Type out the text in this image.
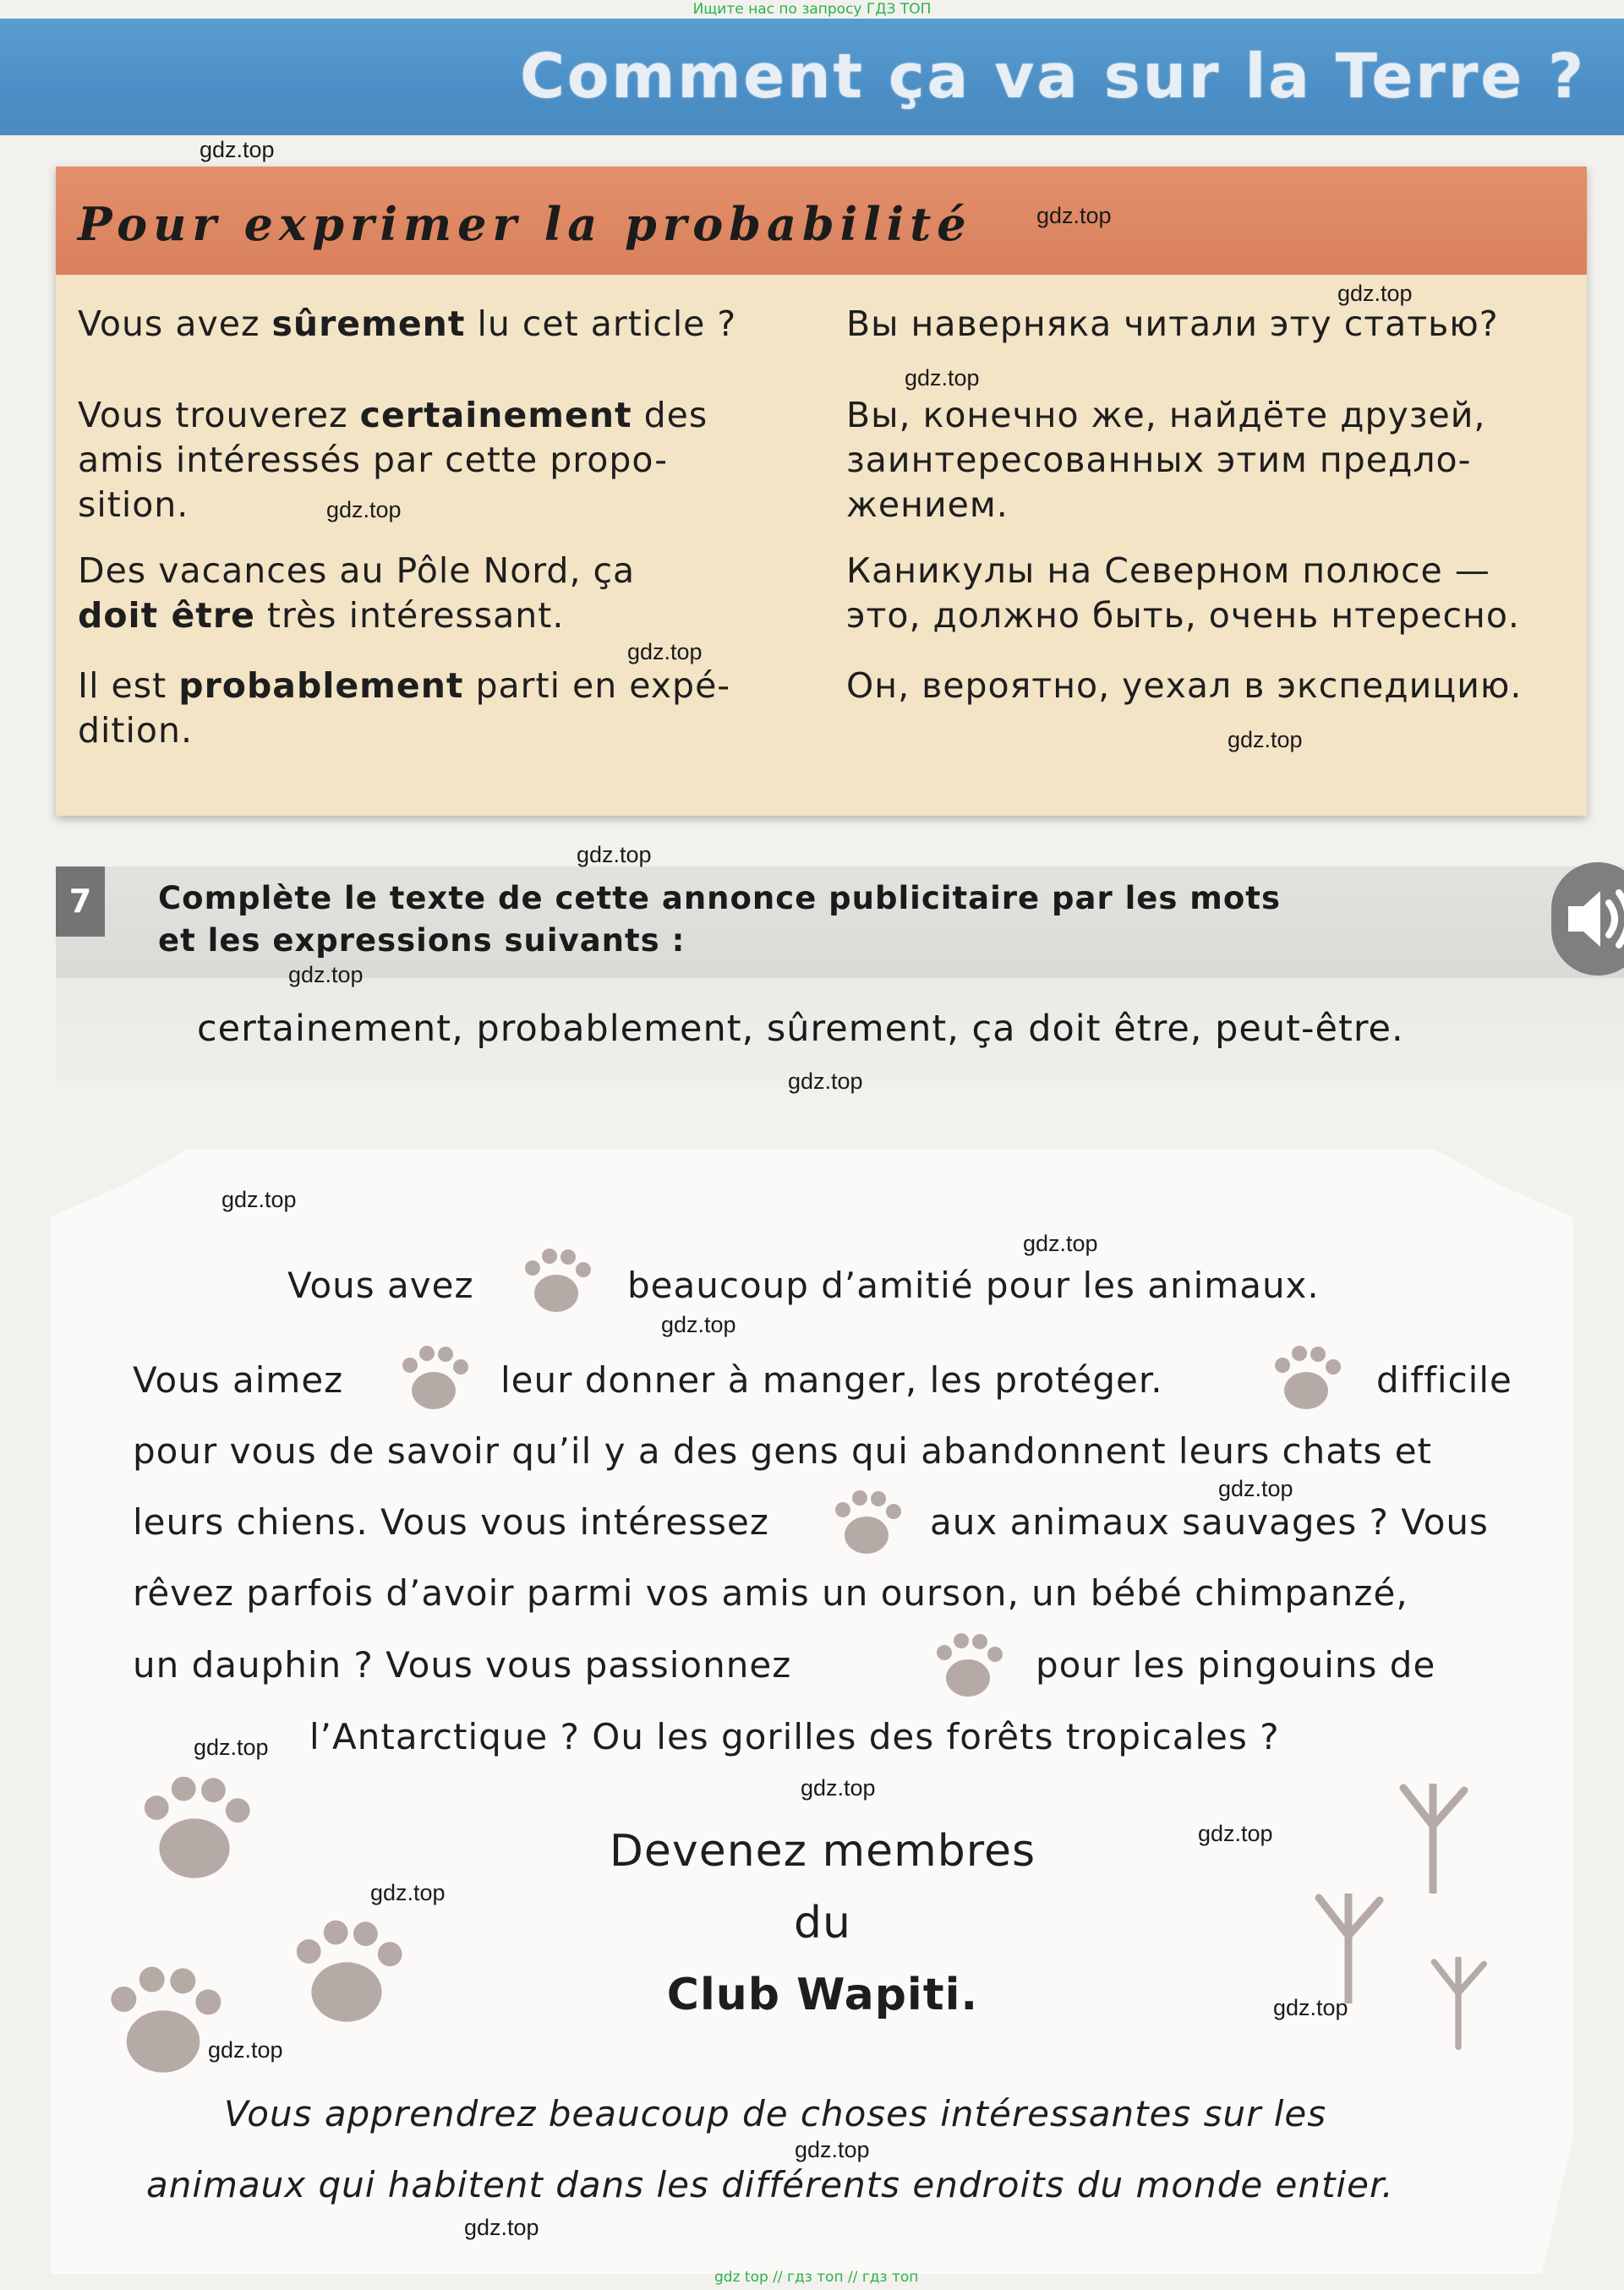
Ищите нас по запросу ГДЗ ТОП
Comment ça va sur la Terre ?
Pour exprimer la probabilité
Vous avez sûrement lu cet article ?
Vous trouverez certainement des
amis intéressés par cette propo-
sition.
Des vacances au Pôle Nord, ça
doit être très intéressant.
Il est probablement parti en expé-
dition.
Вы наверняка читали эту статью?
Вы, конечно же, найдёте друзей,
заинтересованных этим предло-
жением.
Каникулы на Северном полюсе —
это, должно быть, очень нтересно.
Он, вероятно, уехал в экспедицию.
7	Complète le texte de cette annonce publicitaire par les mots
et les expressions suivants :
certainement, probablement, sûrement, ça doit être, peut-être.
Vous avez	beaucoup d’amitié pour les animaux.
Vous aimez	leur donner à manger, les protéger.	difficile
pour vous de savoir qu’il y a des gens qui abandonnent leurs chats et
leurs chiens. Vous vous intéressez	aux animaux sauvages ? Vous
rêvez parfois d’avoir parmi vos amis un ourson, un bébé chimpanzé,
un dauphin ? Vous vous passionnez	pour les pingouins de
l’Antarctique ? Ou les gorilles des forêts tropicales ?
Devenez membres
du
Club Wapiti.
Vous apprendrez beaucoup de choses intéressantes sur les
animaux qui habitent dans les différents endroits du monde entier.
gdz.top
gdz.top
gdz.top
gdz.top
gdz.top
gdz.top
gdz.top
gdz.top
gdz.top
gdz.top
gdz.top
gdz.top
gdz.top
gdz.top
gdz.top
gdz.top
gdz.top
gdz.top
gdz.top
gdz.top
gdz.top
gdz.top
gdz top // гдз топ // гдз топ
